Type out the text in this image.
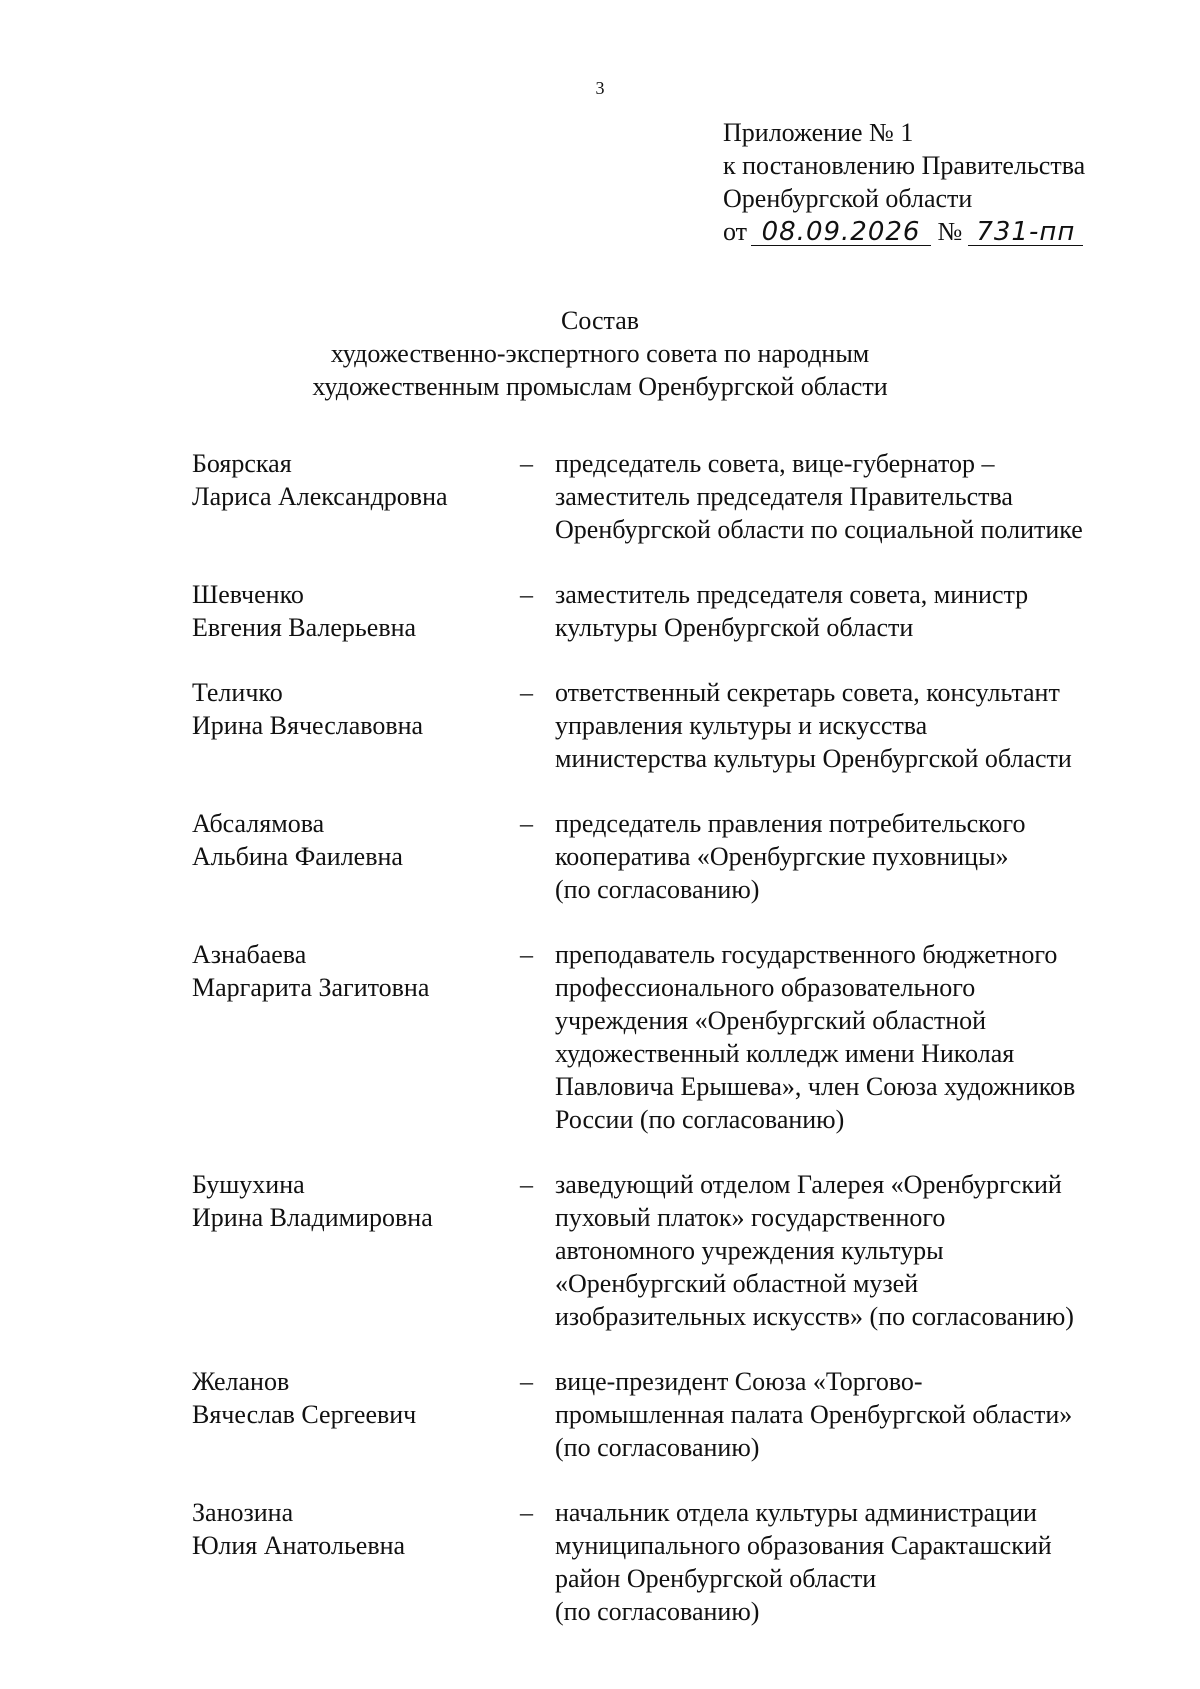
3
Приложение № 1
к постановлению Правительства
Оренбургской области
от 08.09.2026 № 731-пп
Состав
художественно-экспертного совета по народным
художественным промыслам Оренбургской области
Боярская
Лариса Александровна
– председатель совета, вице-губернатор –
заместитель председателя Правительства
Оренбургской области по социальной политике
Шевченко
Евгения Валерьевна
– заместитель председателя совета, министр
культуры Оренбургской области
Теличко
Ирина Вячеславовна
– ответственный секретарь совета, консультант
управления культуры и искусства
министерства культуры Оренбургской области
Абсалямова
Альбина Фаилевна
– председатель правления потребительского
кооператива «Оренбургские пуховницы»
(по согласованию)
Азнабаева
Маргарита Загитовна
– преподаватель государственного бюджетного
профессионального образовательного
учреждения «Оренбургский областной
художественный колледж имени Николая
Павловича Ерышева», член Союза художников
России (по согласованию)
Бушухина
Ирина Владимировна
– заведующий отделом Галерея «Оренбургский
пуховый платок» государственного
автономного учреждения культуры
«Оренбургский областной музей
изобразительных искусств» (по согласованию)
Желанов
Вячеслав Сергеевич
– вице-президент Союза «Торгово-
промышленная палата Оренбургской области»
(по согласованию)
Занозина
Юлия Анатольевна
– начальник отдела культуры администрации
муниципального образования Саракташский
район Оренбургской области
(по согласованию)
